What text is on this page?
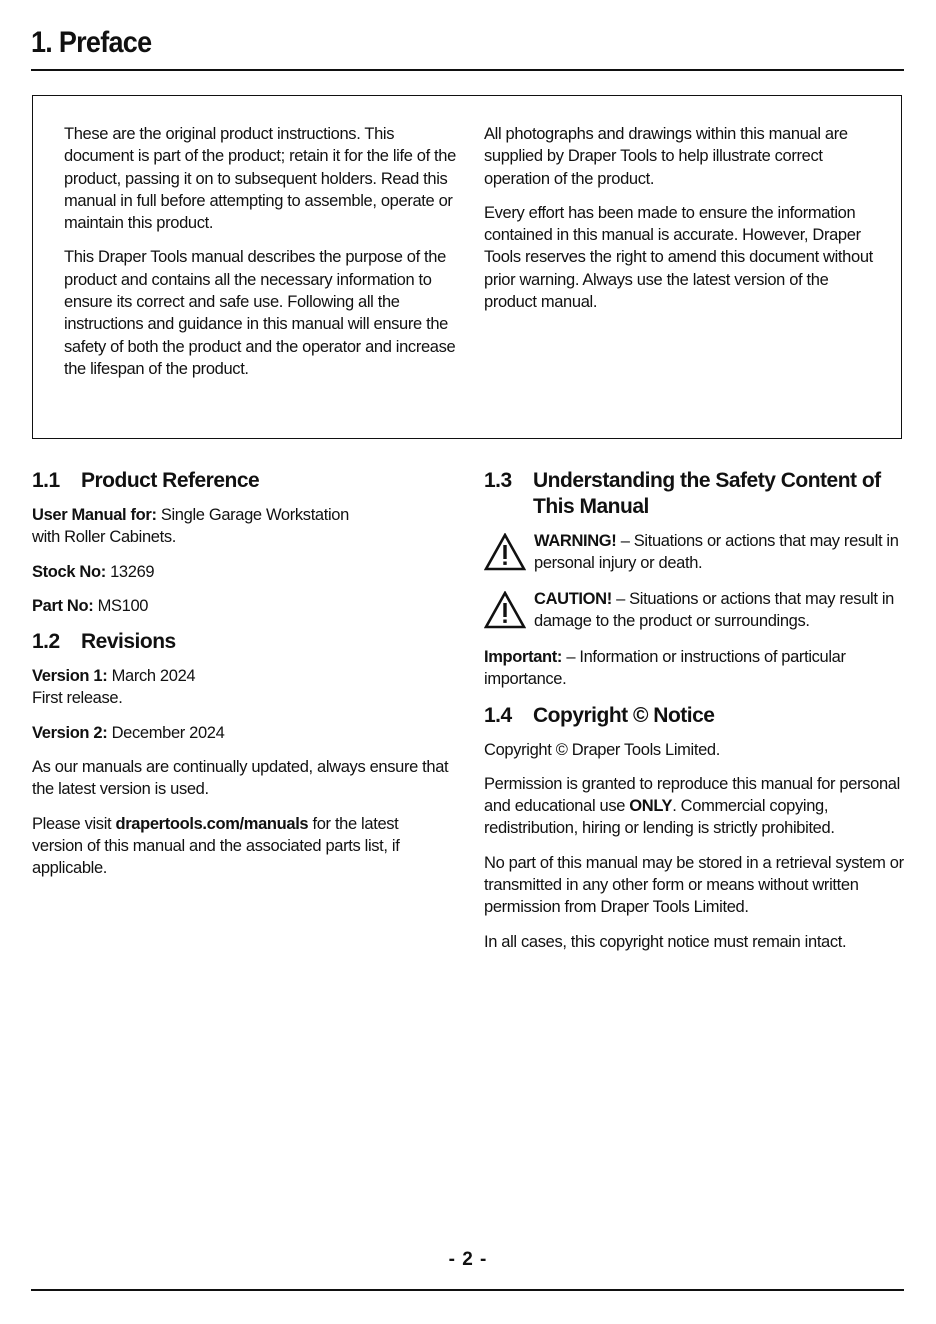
1. Preface

These are the original product instructions. This document is part of the product; retain it for the life of the product, passing it on to subsequent holders. Read this manual in full before attempting to assemble, operate or maintain this product.

This Draper Tools manual describes the purpose of the product and contains all the necessary information to ensure its correct and safe use. Following all the instructions and guidance in this manual will ensure the safety of both the product and the operator and increase the lifespan of the product.

All photographs and drawings within this manual are supplied by Draper Tools to help illustrate correct operation of the product.

Every effort has been made to ensure the information contained in this manual is accurate. However, Draper Tools reserves the right to amend this document without prior warning. Always use the latest version of the product manual.

1.1	Product Reference

User Manual for: Single Garage Workstation with Roller Cabinets.

Stock No: 13269

Part No: MS100

1.2	Revisions

Version 1: March 2024
First release.

Version 2: December 2024

As our manuals are continually updated, always ensure that the latest version is used.

Please visit drapertools.com/manuals for the latest version of this manual and the associated parts list, if applicable.

1.3	Understanding the Safety Content of This Manual

WARNING! – Situations or actions that may result in personal injury or death.

CAUTION! – Situations or actions that may result in damage to the product or surroundings.

Important: – Information or instructions of particular importance.

1.4	Copyright © Notice

Copyright © Draper Tools Limited.

Permission is granted to reproduce this manual for personal and educational use ONLY. Commercial copying, redistribution, hiring or lending is strictly prohibited.

No part of this manual may be stored in a retrieval system or transmitted in any other form or means without written permission from Draper Tools Limited.

In all cases, this copyright notice must remain intact.

- 2 -
